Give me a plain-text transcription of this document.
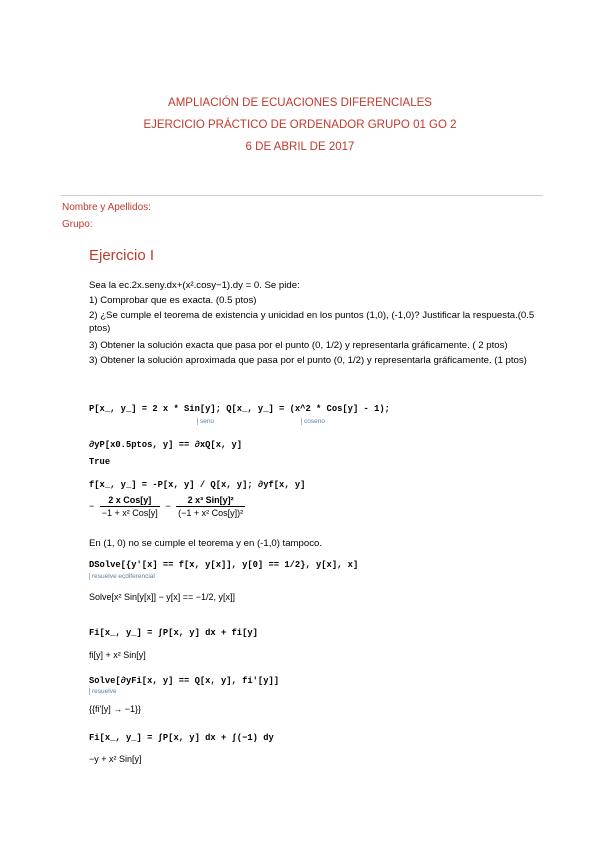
AMPLIACIÓN DE ECUACIONES DIFERENCIALES
EJERCICIO PRÁCTICO DE ORDENADOR GRUPO 01 GO 2
6 DE ABRIL DE 2017
Nombre y Apellidos:
Grupo:
Ejercicio I
Sea la ec.2x.seny.dx+(x².cosy−1).dy = 0. Se pide:
1) Comprobar que es exacta. (0.5 ptos)
2) ¿Se cumple el teorema de existencia y unicidad en los puntos (1,0), (-1,0)? Justificar la respuesta.(0.5 ptos)
3) Obtener la solución exacta que pasa por el punto (0, 1/2) y representarla gráficamente. ( 2 ptos)
3) Obtener la solución aproximada que pasa por el punto (0, 1/2) y representarla gráficamente. (1 ptos)
P[x_, y_] = 2 x * Sin[y]; Q[x_, y_] = (x^2 * Cos[y] - 1);
seno	coseno
∂yP[x0.5ptos, y] == ∂xQ[x, y]
True
f[x_, y_] = -P[x, y] / Q[x, y]; ∂yf[x, y]
− $\frac{\text{2 x Cos[y]}}{\text{−1 + x² Cos[y]}} - \frac{\text{2 x³ Sin[y]²}}{\text{(−1 + x² Cos[y])²}}$
En (1, 0) no se cumple el teorema y en (-1,0) tampoco.
DSolve[{y'[x] == f[x, y[x]], y[0] == 1/2}, y[x], x]
resuelve ecdiferencial
Solve[x² Sin[y[x]] − y[x] == −1/2, y[x]]
Fi[x_, y_] = ∫P[x, y] dx + fi[y]
fi[y] + x² Sin[y]
Solve[∂yFi[x, y] == Q[x, y], fi'[y]]
resuelve
{{fi'[y] → −1}}
Fi[x_, y_] = ∫P[x, y] dx + ∫(−1) dy
−y + x² Sin[y]
